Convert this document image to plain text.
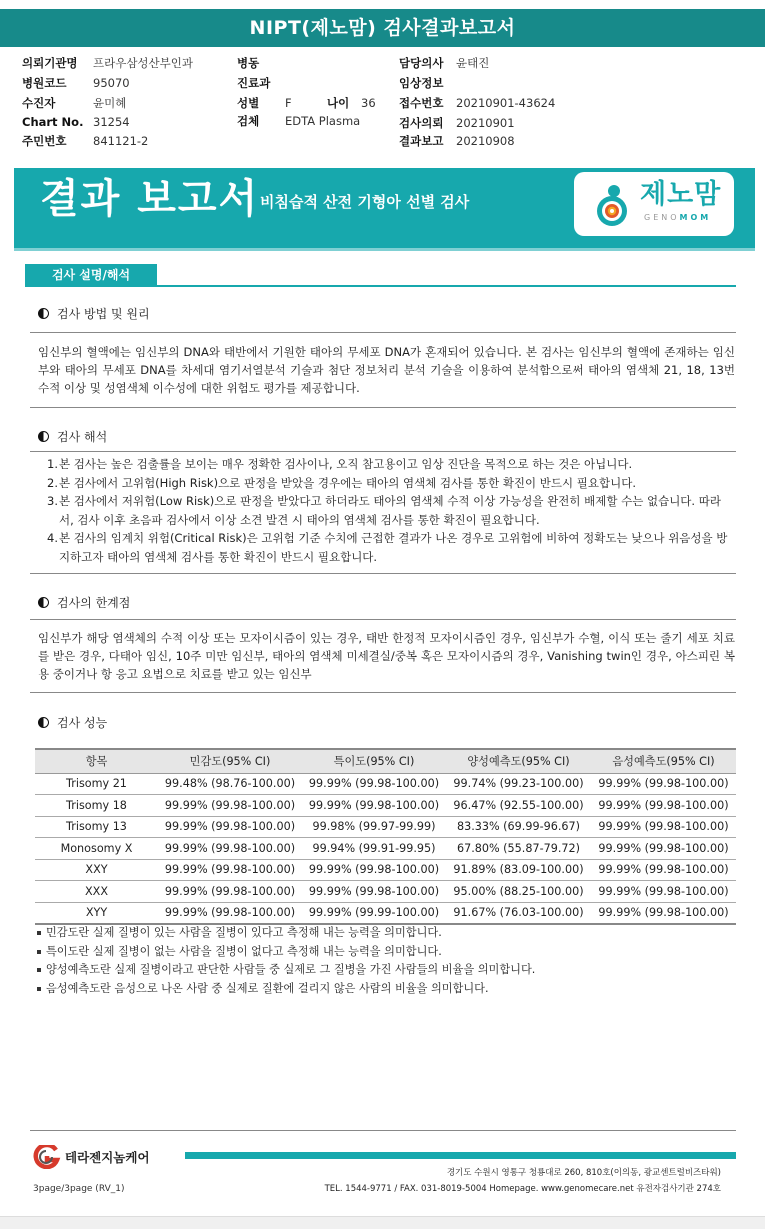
NIPT(제노맘) 검사결과보고서
의뢰기관명 프라우삼성산부인과
병원코드 95070
수진자	윤미혜
Chart No. 31254
주민번호 841121-2
병동
진료과
성별 F	나이 36
검체 EDTA Plasma
담당의사 윤태진
임상정보
접수번호 20210901-43624
검사의뢰 20210901
결과보고 20210908
결과 보고서 비침습적 산전 기형아 선별 검사	제노맘
GENOMOM
검사 설명/해석
검사 방법 및 원리
임신부의 혈액에는 임신부의 DNA와 태반에서 기원한 태아의 무세포 DNA가 혼재되어 있습니다. 본 검사는 임신부의 혈액에 존재하는 임신부와 태아의 무세포 DNA를 차세대 염기서열분석 기술과 첨단 정보처리 분석 기술을 이용하여 분석함으로써 태아의 염색체 21, 18, 13번 수적 이상 및 성염색체 이수성에 대한 위험도 평가를 제공합니다.
검사 해석
1. 본 검사는 높은 검출률을 보이는 매우 정확한 검사이나, 오직 참고용이고 임상 진단을 목적으로 하는 것은 아닙니다.
2. 본 검사에서 고위험(High Risk)으로 판정을 받았을 경우에는 태아의 염색체 검사를 통한 확진이 반드시 필요합니다.
3. 본 검사에서 저위험(Low Risk)으로 판정을 받았다고 하더라도 태아의 염색체 수적 이상 가능성을 완전히 배제할 수는 없습니다. 따라서, 검사 이후 초음파 검사에서 이상 소견 발견 시 태아의 염색체 검사를 통한 확진이 필요합니다.
4. 본 검사의 임계치 위험(Critical Risk)은 고위험 기준 수치에 근접한 결과가 나온 경우로 고위험에 비하여 정확도는 낮으나 위음성을 방지하고자 태아의 염색체 검사를 통한 확진이 반드시 필요합니다.
검사의 한계점
임신부가 해당 염색체의 수적 이상 또는 모자이시즘이 있는 경우, 태반 한정적 모자이시즘인 경우, 임신부가 수혈, 이식 또는 줄기 세포 치료를 받은 경우, 다태아 임신, 10주 미만 임신부, 태아의 염색체 미세결실/중복 혹은 모자이시즘의 경우, Vanishing twin인 경우, 아스피린 복용 중이거나 항 응고 요법으로 치료를 받고 있는 임신부
검사 성능
항목	민감도(95% CI)	특이도(95% CI)	양성예측도(95% CI)	음성예측도(95% CI)
Trisomy 21	99.48% (98.76-100.00)	99.99% (99.98-100.00)	99.74% (99.23-100.00)	99.99% (99.98-100.00)
Trisomy 18	99.99% (99.98-100.00)	99.99% (99.98-100.00)	96.47% (92.55-100.00)	99.99% (99.98-100.00)
Trisomy 13	99.99% (99.98-100.00)	99.98% (99.97-99.99)	83.33% (69.99-96.67)	99.99% (99.98-100.00)
Monosomy X	99.99% (99.98-100.00)	99.94% (99.91-99.95)	67.80% (55.87-79.72)	99.99% (99.98-100.00)
XXY	99.99% (99.98-100.00)	99.99% (99.98-100.00)	91.89% (83.09-100.00)	99.99% (99.98-100.00)
XXX	99.99% (99.98-100.00)	99.99% (99.98-100.00)	95.00% (88.25-100.00)	99.99% (99.98-100.00)
XYY	99.99% (99.98-100.00)	99.99% (99.99-100.00)	91.67% (76.03-100.00)	99.99% (99.98-100.00)
민감도란 실제 질병이 있는 사람을 질병이 있다고 측정해 내는 능력을 의미합니다.
특이도란 실제 질병이 없는 사람을 질병이 없다고 측정해 내는 능력을 의미합니다.
양성예측도란 실제 질병이라고 판단한 사람들 중 실제로 그 질병을 가진 사람들의 비율을 의미합니다.
음성예측도란 음성으로 나온 사람 중 실제로 질환에 걸리지 않은 사람의 비율을 의미합니다.
테라젠지놈케어
경기도 수원시 영통구 청룡대로 260, 810호(이의동, 광교센트럴비즈타워)
TEL. 1544-9771 / FAX. 031-8019-5004 Homepage. www.genomecare.net 유전자검사기관 274호
3page/3page (RV_1)
